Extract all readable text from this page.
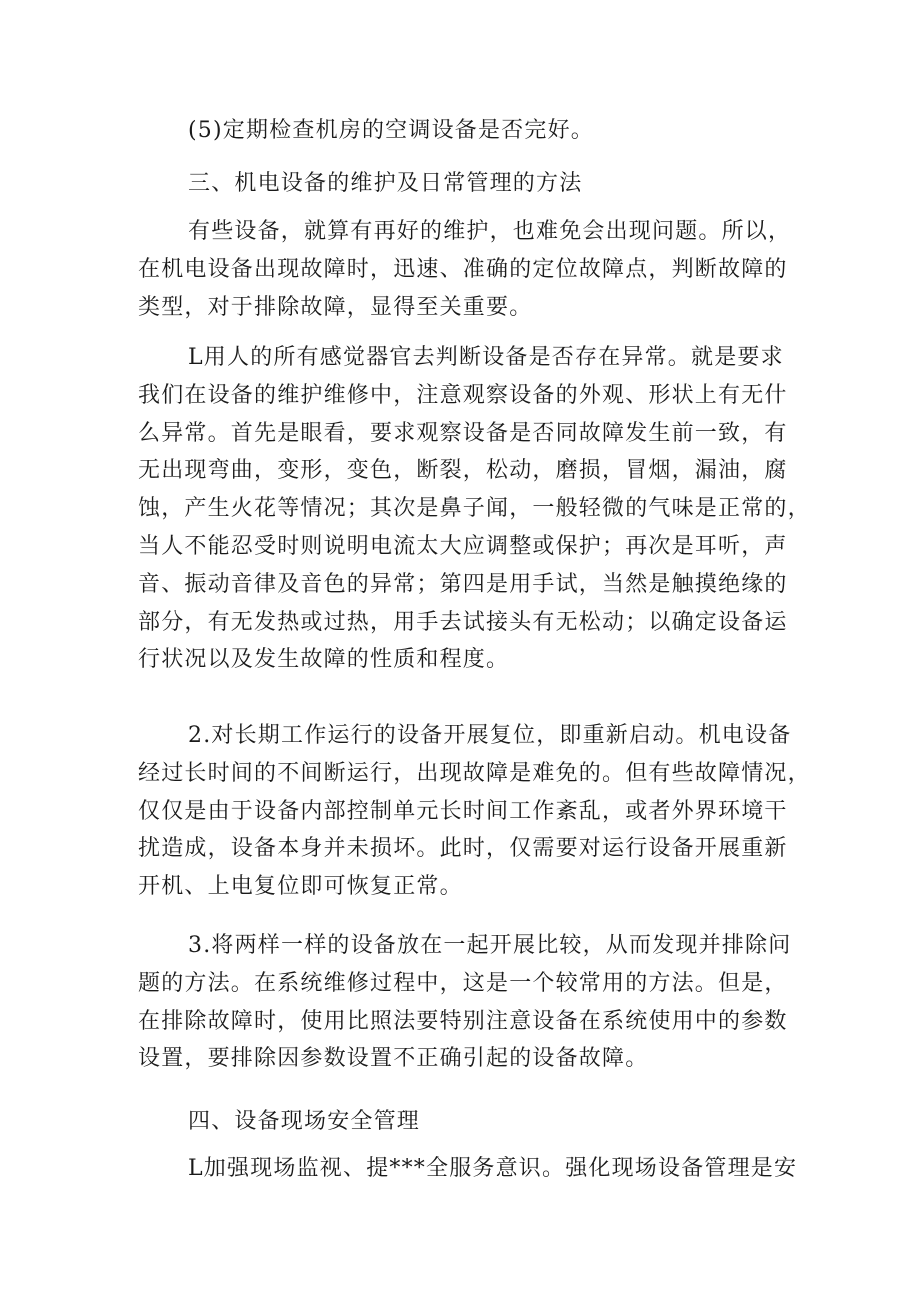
(5)定期检查机房的空调设备是否完好。

三、机电设备的维护及日常管理的方法

有些设备，就算有再好的维护，也难免会出现问题。所以，
在机电设备出现故障时，迅速、准确的定位故障点，判断故障的
类型，对于排除故障，显得至关重要。
L用人的所有感觉器官去判断设备是否存在异常。就是要求
我们在设备的维护维修中，注意观察设备的外观、形状上有无什
么异常。首先是眼看，要求观察设备是否同故障发生前一致，有
无出现弯曲，变形，变色，断裂，松动，磨损，冒烟，漏油，腐
蚀，产生火花等情况；其次是鼻子闻，一般轻微的气味是正常的，
当人不能忍受时则说明电流太大应调整或保护；再次是耳听，声
音、振动音律及音色的异常；第四是用手试，当然是触摸绝缘的
部分，有无发热或过热，用手去试接头有无松动；以确定设备运
行状况以及发生故障的性质和程度。
2.对长期工作运行的设备开展复位，即重新启动。机电设备
经过长时间的不间断运行，出现故障是难免的。但有些故障情况，
仅仅是由于设备内部控制单元长时间工作紊乱，或者外界环境干
扰造成，设备本身并未损坏。此时，仅需要对运行设备开展重新
开机、上电复位即可恢复正常。
3.将两样一样的设备放在一起开展比较，从而发现并排除问
题的方法。在系统维修过程中，这是一个较常用的方法。但是，
在排除故障时，使用比照法要特别注意设备在系统使用中的参数
设置，要排除因参数设置不正确引起的设备故障。

四、设备现场安全管理

L加强现场监视、提***全服务意识。强化现场设备管理是安
